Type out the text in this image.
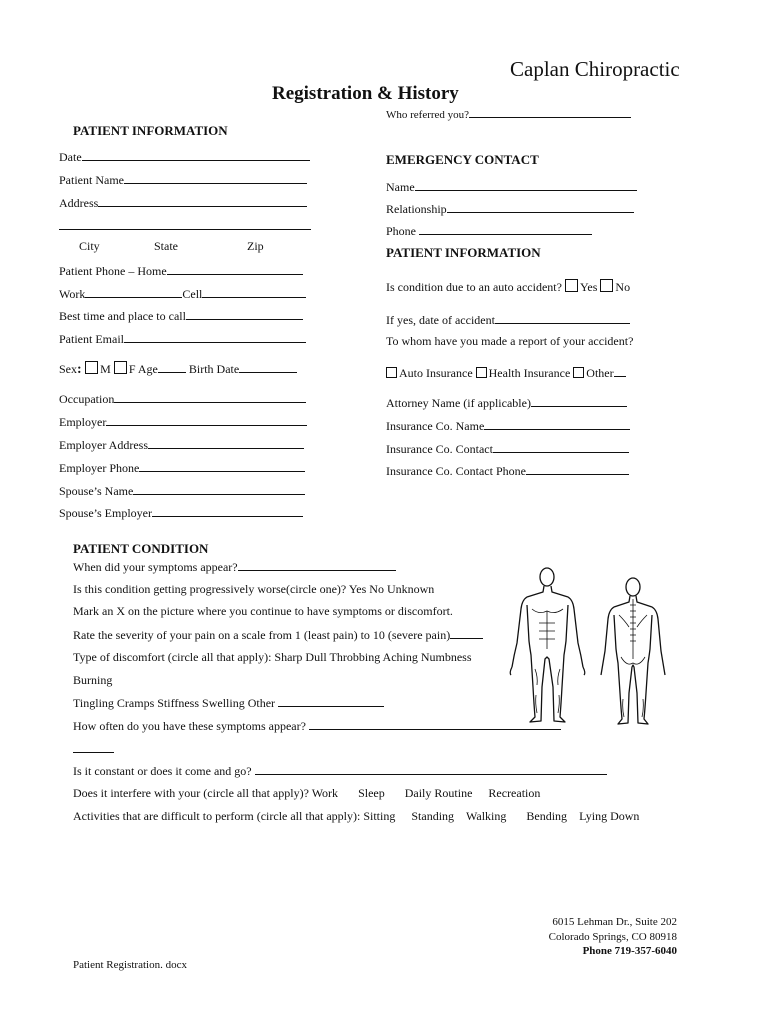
Caplan Chiropractic
Registration & History
Who referred you?
PATIENT INFORMATION
Date
Patient Name
Address
City	State	Zip
Patient Phone – Home
Work	Cell
Best time and place to call
Patient Email
Sex: M F Age	Birth Date
Occupation
Employer
Employer Address
Employer Phone
Spouse’s Name
Spouse’s Employer
EMERGENCY CONTACT
Name
Relationship
Phone
PATIENT INFORMATION
Is condition due to an auto accident? Yes No
If yes, date of accident
To whom have you made a report of your accident?
Auto Insurance Health Insurance Other
Attorney Name (if applicable)
Insurance Co. Name
Insurance Co. Contact
Insurance Co. Contact Phone
PATIENT CONDITION
When did your symptoms appear?
Is this condition getting progressively worse(circle one)? Yes No Unknown
Mark an X on the picture where you continue to have symptoms or discomfort.
Rate the severity of your pain on a scale from 1 (least pain) to 10 (severe pain)
Type of discomfort (circle all that apply): Sharp Dull Throbbing Aching Numbness
Burning
Tingling Cramps Stiffness Swelling Other
How often do you have these symptoms appear?
Is it constant or does it come and go?
Does it interfere with your (circle all that apply)? Work Sleep Daily Routine Recreation
Activities that are difficult to perform (circle all that apply): Sitting Standing Walking Bending Lying Down
6015 Lehman Dr., Suite 202
Colorado Springs, CO 80918
Phone 719-357-6040
Patient Registration. docx
